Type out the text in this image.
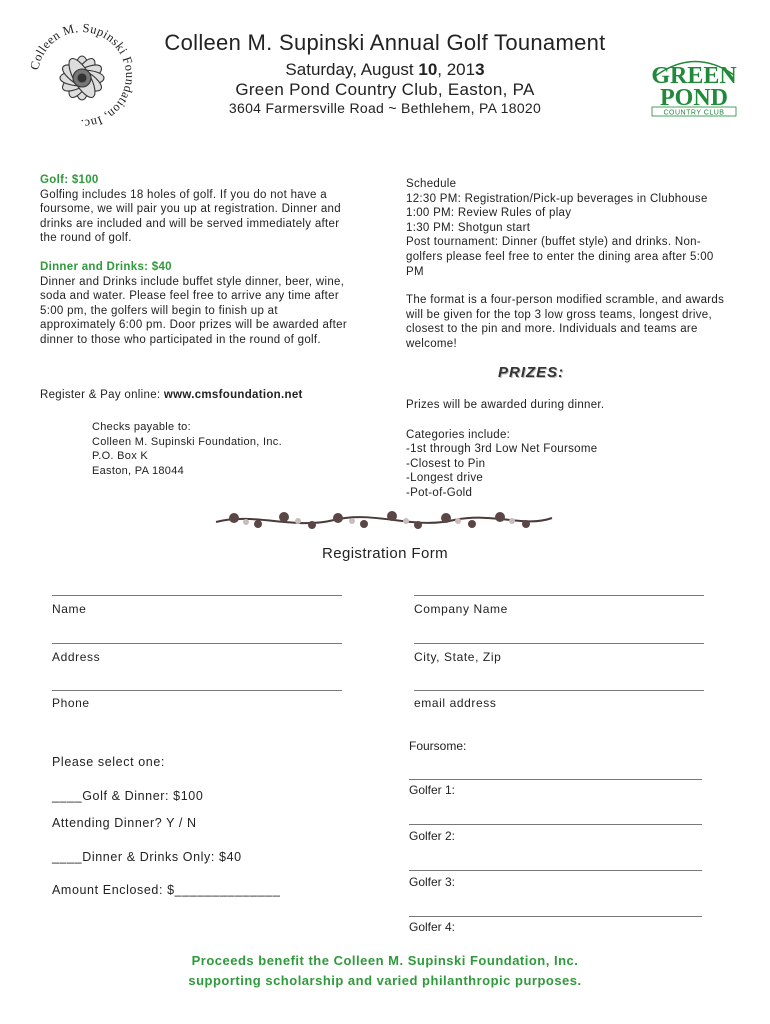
Colleen M. Supinski Foundation, Inc.
Colleen M. Supinski Annual Golf Tounament
Saturday, August 10, 2013
Green Pond Country Club, Easton, PA
3604 Farmersville Road ~ Bethlehem, PA 18020
GREEN
POND
COUNTRY CLUB
Golf: $100
Golfing includes 18 holes of golf. If you do not have a foursome, we will pair you up at registration. Dinner and drinks are included and will be served immediately after the round of golf.
Dinner and Drinks: $40
Dinner and Drinks include buffet style dinner, beer, wine, soda and water. Please feel free to arrive any time after 5:00 pm, the golfers will begin to finish up at approximately 6:00 pm. Door prizes will be awarded after dinner to those who participated in the round of golf.
Register & Pay online: www.cmsfoundation.net
Checks payable to:
Colleen M. Supinski Foundation, Inc.
P.O. Box K
Easton, PA 18044
Schedule
12:30 PM: Registration/Pick-up beverages in Clubhouse
1:00 PM: Review Rules of play
1:30 PM: Shotgun start
Post tournament: Dinner (buffet style) and drinks. Non-golfers please feel free to enter the dining area after 5:00 PM
The format is a four-person modified scramble, and awards will be given for the top 3 low gross teams, longest drive, closest to the pin and more. Individuals and teams are welcome!
PRIZES:
Prizes will be awarded during dinner.
Categories include:
-1st through 3rd Low Net Foursome
-Closest to Pin
-Longest drive
-Pot-of-Gold
Registration Form
Name
Address
Phone
Company Name
City, State, Zip
email address
Please select one:
____Golf & Dinner: $100
Attending Dinner? Y / N
____Dinner & Drinks Only: $40
Amount Enclosed: $______________
Foursome:
Golfer 1:
Golfer 2:
Golfer 3:
Golfer 4:
Proceeds benefit the Colleen M. Supinski Foundation, Inc.
supporting scholarship and varied philanthropic purposes.
